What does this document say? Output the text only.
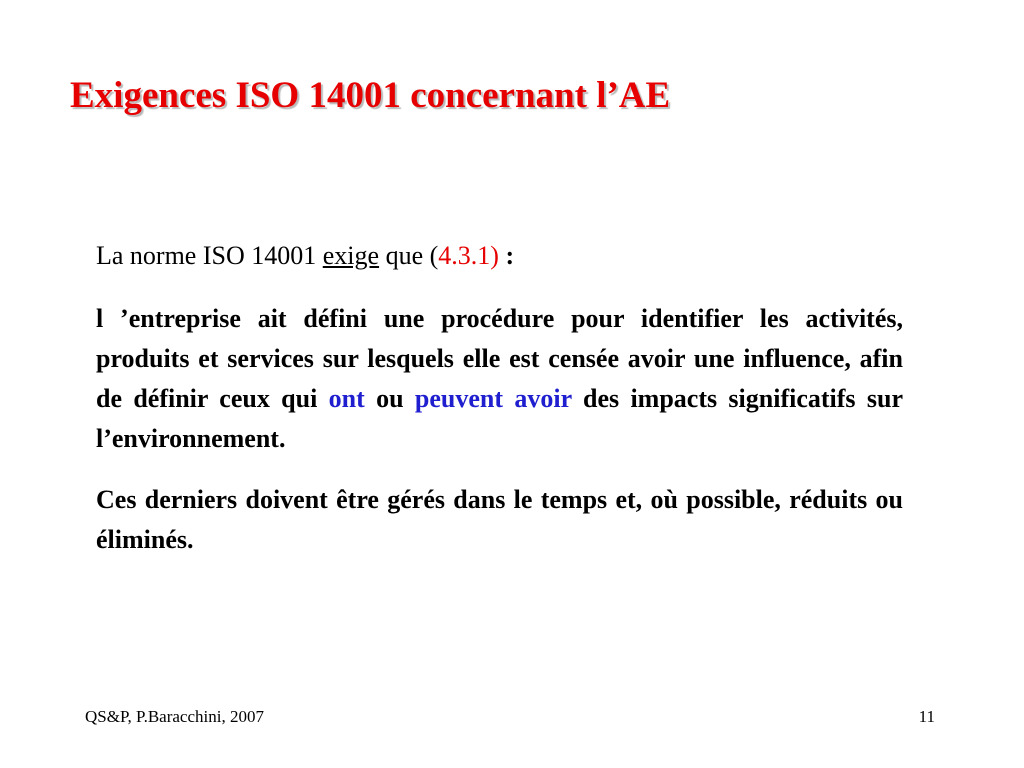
Exigences ISO 14001 concernant l’AE

La norme ISO 14001 exige que (4.3.1) :

l ’entreprise ait défini une procédure pour identifier les activités, produits et services sur lesquels elle est censée avoir une influence, afin de définir ceux qui ont ou peuvent avoir des impacts significatifs sur l’environnement.

Ces derniers doivent être gérés dans le temps et, où possible, réduits ou éliminés.

QS&P, P.Baracchini, 2007	11
